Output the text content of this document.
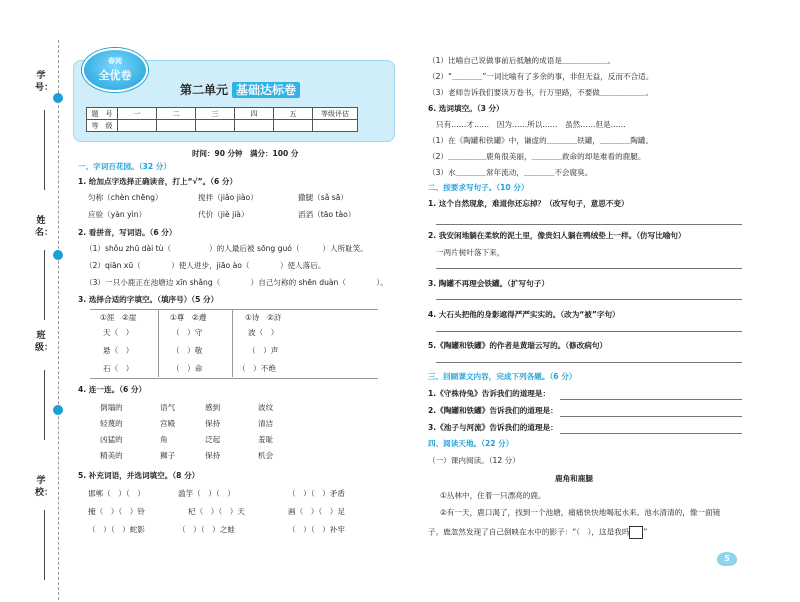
学号：
姓名：
班级：
学校：
春阅
全优卷
第二单元 基础达标卷
题　号	一	二	三	四	五	等级评估
等　级						
时间：90 分钟　满分：100 分
一、字词百花园。（32 分）
1. 给加点字选择正确读音，打上“√”。（6 分）
匀称（chèn chēng）	搅拌（jiǎo jiào）	撒腿（sǎ sā）
应验（yàn yìn）	代价（jiè jià）	滔滔（tāo tào）
2. 看拼音，写词语。（6 分）
（1）shǒu zhū dài tù（　　　　　）的人最后被 sōng guó（　　　）人所耻笑。
（2）qiān xū（　　　　）使人进步，jiāo ào（　　　　）使人落后。
（3）一只小鹿正在池塘边 xīn shǎng（　　　　）自己匀称的 shēn duàn（　　　　）。
3. 选择合适的字填空。（填序号）（5 分）
①涯　②崖	①尊　②遵	①诗　②浒
天（　）	（　）守	波（　）
悬（　）	（　）敬	（　）声
石（　）	（　）命	（　）不绝
4. 连一连。（6 分）
倒塌的	语气	感到	波纹
轻蔑的	宫殿	保持	清洁
凶猛的	角	泛起	羞耻
精美的	狮子	保持	机会
5. 补充词语，并选词填空。（8 分）
邯郸（　）（　）	滥竽（　）（　）	（　）（　）矛盾
掩（　）（　）铃	杞（　）（　）天	画（　）（　）足
（　）（　）蛇影	（　）（　）之蛙	（　）（　）补牢
（1）比喻自己说做事前后抵触的成语是＿＿＿＿＿＿。
（2）“＿＿＿＿”一词比喻有了多余的事，非但无益，反而不合适。
（3）老师告诉我们要读万卷书，行万里路，不要做＿＿＿＿＿＿。
6. 选词填空。（3 分）
只有……才……　因为……所以……　虽然……但是……
（1）在《陶罐和铁罐》中，谦虚的＿＿＿＿铁罐，＿＿＿＿陶罐。
（2）＿＿＿＿＿鹿角很美丽，＿＿＿＿救命的却是难看的鹿腿。
（3）水＿＿＿＿常年流动，＿＿＿＿不会腐臭。
二、按要求写句子。（10 分）
1. 这个自然现象，难道你还忘掉？（改写句子，意思不变）
2. 我安闲地躺在柔软的泥土里，像贵妇人躺在鸭绒垫上一样。（仿写比喻句）
一两片树叶落下来，
3. 陶罐不再理会铁罐。（扩写句子）
4. 大石头把他的身影遮得严严实实的。（改为“被”字句）
5.《陶罐和铁罐》的作者是黄瑞云写的。（修改病句）
三、回顾课文内容，完成下列各题。（6 分）
1.《守株待兔》告诉我们的道理是：
2.《陶罐和铁罐》告诉我们的道理是：
3.《池子与河流》告诉我们的道理是：
四、阅读天地。（22 分）
（一）课内阅读。（12 分）
鹿角和鹿腿
①丛林中，住着一只漂亮的鹿。
②有一天，鹿口渴了，找到一个池塘，痛痛快快地喝起水来。池水清清的，像一面镜
子。鹿忽然发现了自己倒映在水中的影子：“（　），这是我吗 ”
5
